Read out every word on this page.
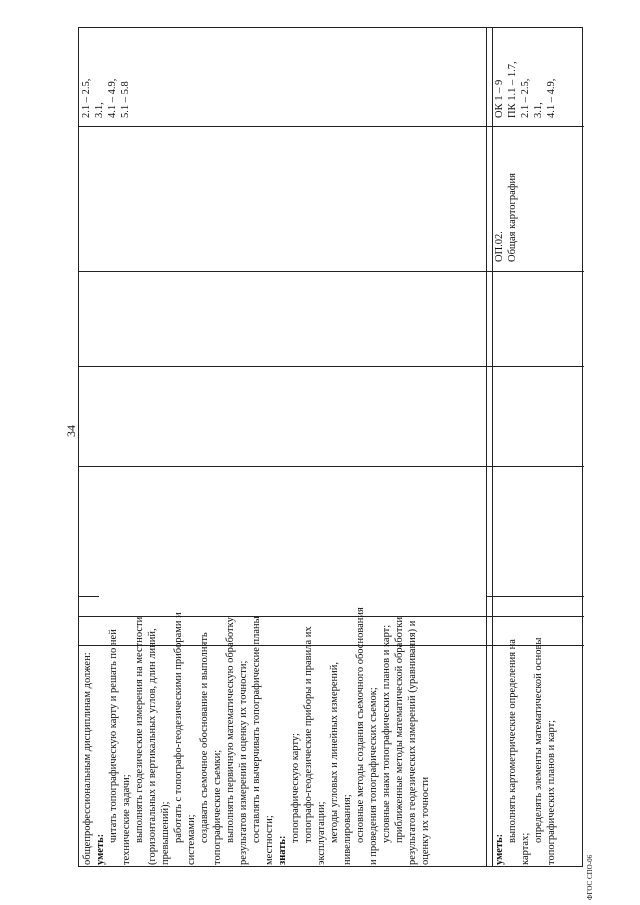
34
общепрофессиональным дисциплинам должен: уметь:
читать топографическую карту и решать по ней технические задачи; выполнять геодезические измерения на местности (горизонтальных и вертикальных углов, длин линий, превышений); работать с топографо-геодезическими приборами и системами; создавать съемочное обоснование и выполнять топографические съемки; выполнять первичную математическую обработку результатов измерений и оценку их точности; составлять и вычерчивать топографические планы местности; знать:
топографическую карту; топографо-геодезические приборы и правила их эксплуатации; методы угловых и линейных измерений, нивелирования; основные методы создания съемочного обоснования и проведения топографических съемок; условные знаки топографических планов и карт; приближенные методы математической обработки результатов геодезических измерений (уравнивания) и оценку их точности
2.1 – 2.5, 3.1, 4.1 – 4.9, 5.1 – 5.8
уметь:
выполнять картометрические определения на
картах;
определять элементы математической основы топографических планов и карт;
ОП.02. Общая картография
ОК 1 – 9 ПК 1.1 – 1.7, 2.1 – 2.5, 3.1, 4.1 – 4.9,
ФГОС СПО-06
